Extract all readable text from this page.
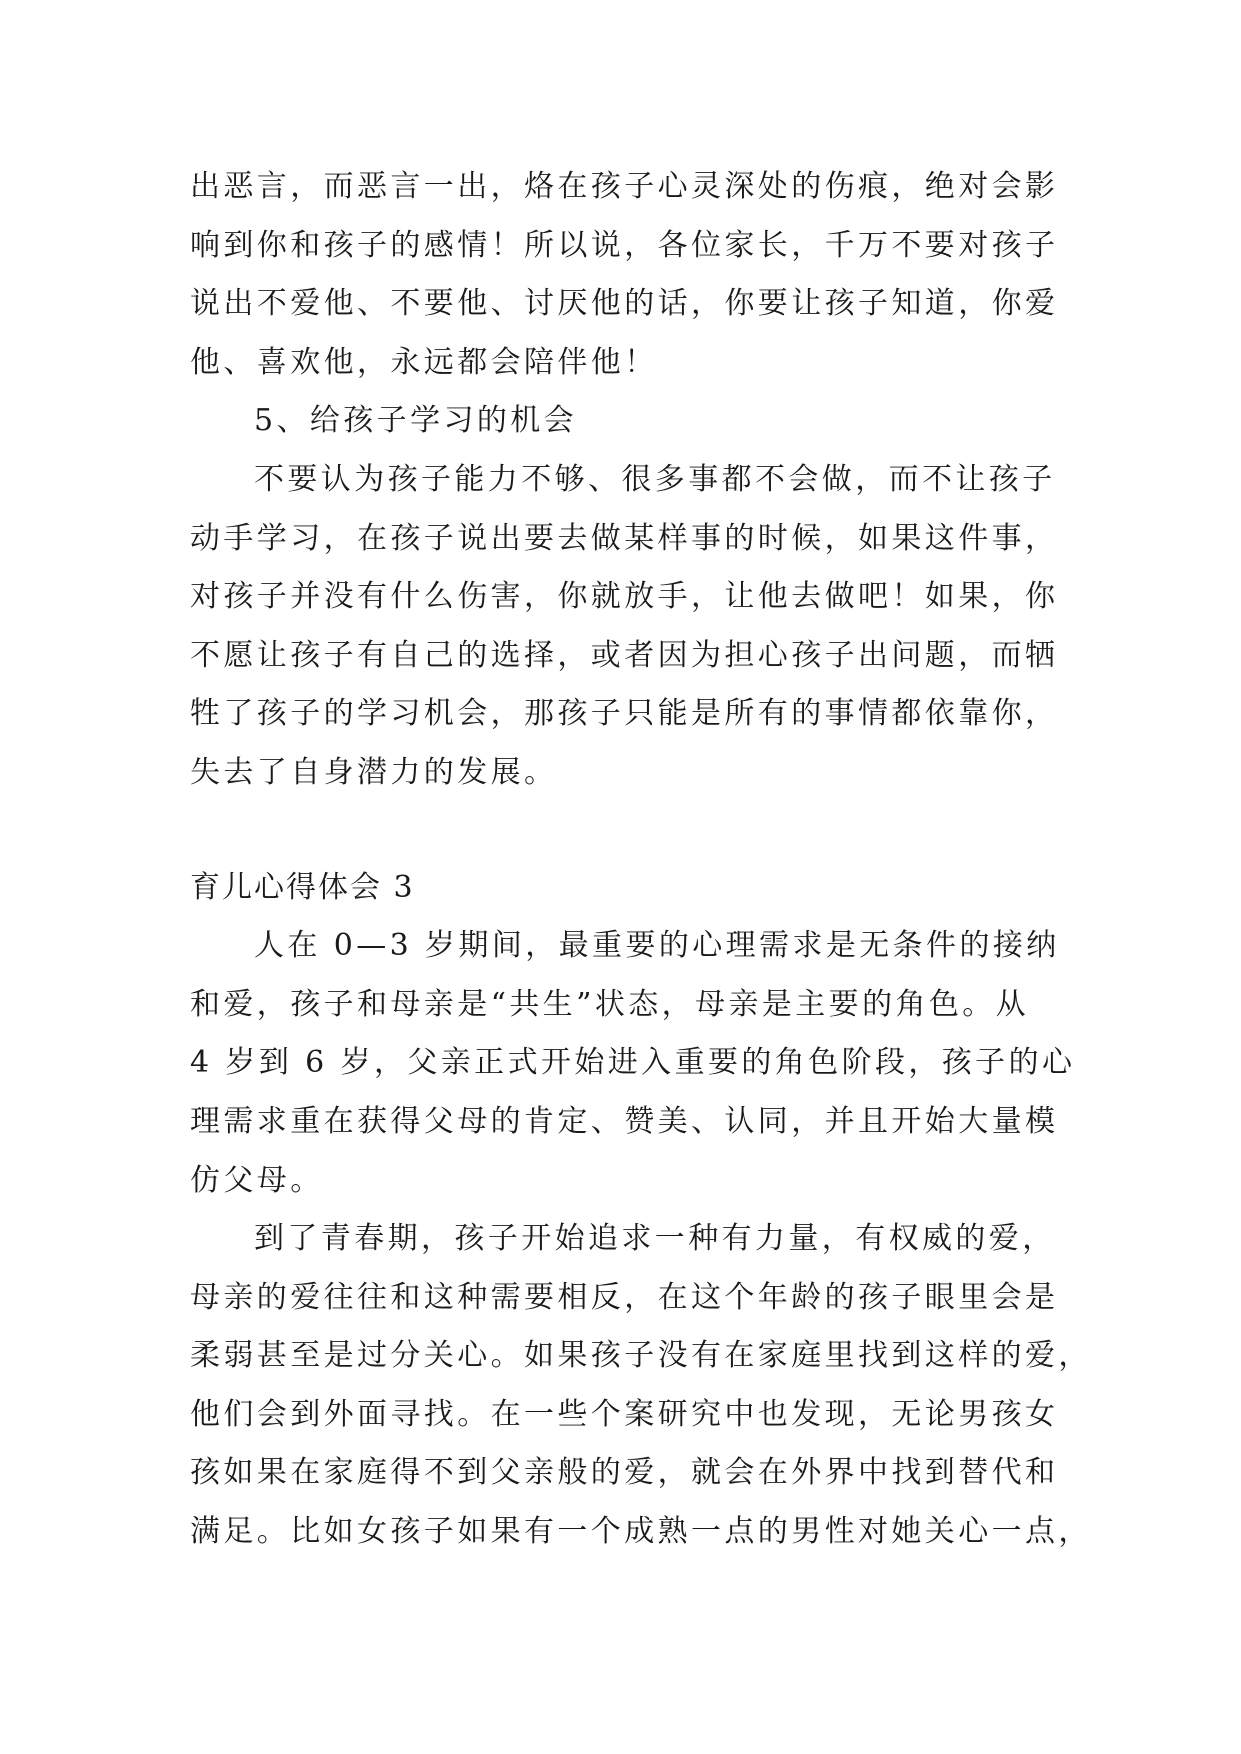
出恶言，而恶言一出，烙在孩子心灵深处的伤痕，绝对会影
响到你和孩子的感情！所以说，各位家长，千万不要对孩子
说出不爱他、不要他、讨厌他的话，你要让孩子知道，你爱
他、喜欢他，永远都会陪伴他！
5、给孩子学习的机会
不要认为孩子能力不够、很多事都不会做，而不让孩子
动手学习，在孩子说出要去做某样事的时候，如果这件事，
对孩子并没有什么伤害，你就放手，让他去做吧！如果，你
不愿让孩子有自己的选择，或者因为担心孩子出问题，而牺
牲了孩子的学习机会，那孩子只能是所有的事情都依靠你，
失去了自身潜力的发展。
育儿心得体会 3
人在 0—3 岁期间，最重要的心理需求是无条件的接纳
和爱，孩子和母亲是“共生”状态，母亲是主要的角色。从
4 岁到 6 岁，父亲正式开始进入重要的角色阶段，孩子的心
理需求重在获得父母的肯定、赞美、认同，并且开始大量模
仿父母。
到了青春期，孩子开始追求一种有力量，有权威的爱，
母亲的爱往往和这种需要相反，在这个年龄的孩子眼里会是
柔弱甚至是过分关心。如果孩子没有在家庭里找到这样的爱，
他们会到外面寻找。在一些个案研究中也发现，无论男孩女
孩如果在家庭得不到父亲般的爱，就会在外界中找到替代和
满足。比如女孩子如果有一个成熟一点的男性对她关心一点，
